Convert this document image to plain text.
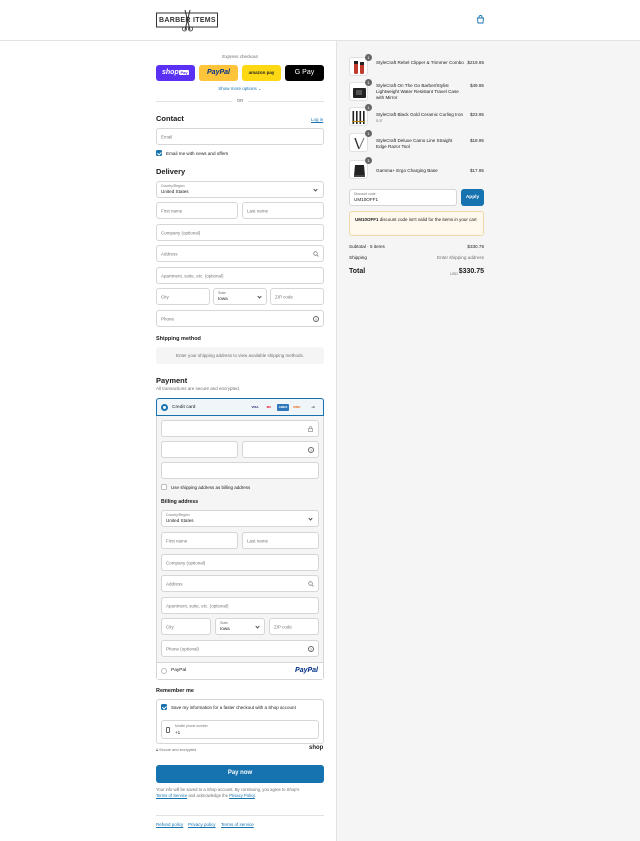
BARBER ITEMS
Express checkout
shop Pay	PayPal	amazon pay	G Pay
Show more options ⌄
OR
Contact	Log in
Email
Email me with news and offers
Delivery
Country/Region
United States
First name	Last name
Company (optional)
Address
Apartment, suite, etc. (optional)
City
State
Iowa	ZIP code
Phone	?
Shipping method
Enter your shipping address to view available shipping methods.
Payment
All transactions are secure and encrypted.
Credit card	VISA	MC	AMEX	DISC	+6
?
Use shipping address as billing address
Billing address
Country/Region
United States
First name	Last name
Company (optional)
Address
Apartment, suite, etc. (optional)
City
State
Iowa	ZIP code
Phone (optional)	?
PayPal	PayPal
Remember me
Save my information for a faster checkout with a Shop account
Mobile phone number
+1
🔒︎ Secure and encrypted	shop
Pay now
Your info will be saved to a Shop account. By continuing, you agree to Shop's
Terms of Service and acknowledge the Privacy Policy.
Refund policy Privacy policy Terms of service
1
StyleCraft Rebel Clipper & Trimmer Combo $219.95
1
StyleCraft On The Go Barber/Stylist Lightweight Water Resistant Travel Case with Mirror
$49.95
1
StyleCraft Black Gold Ceramic Curling Iron
0.5"
$23.95
1
StyleCraft Deluxe Camo Line Straight Edge Razor Tool
$18.95
1
Gamma+ Ergo Charging Base	$17.95
Discount code
UM10OFF1	Apply
UM10OFF1 discount code isn't valid for the items in your cart
Subtotal · 5 items	$330.75
Shipping	Enter shipping address
Total	USD $330.75
